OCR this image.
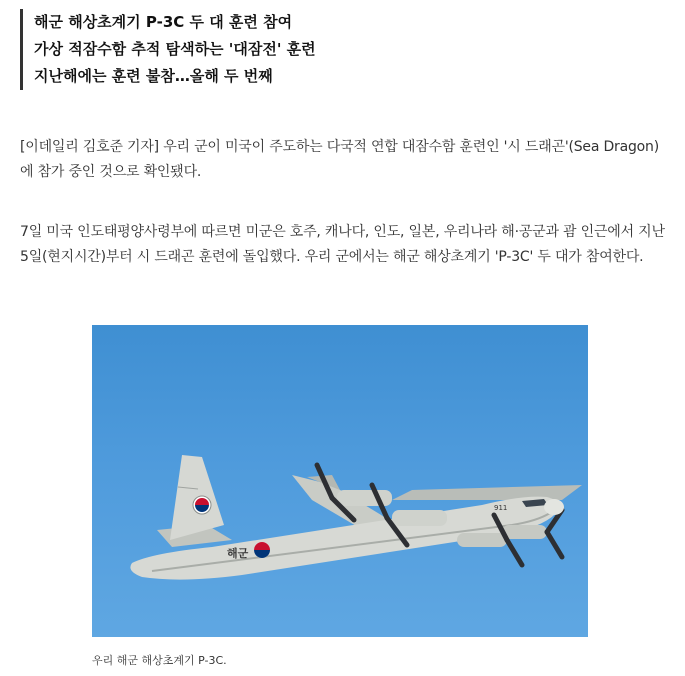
해군 해상초계기 P-3C 두 대 훈련 참여
가상 적잠수함 추적 탐색하는 '대잠전' 훈련
지난해에는 훈련 불참…올해 두 번째
[이데일리 김호준 기자] 우리 군이 미국이 주도하는 다국적 연합 대잠수함 훈련인 '시 드래곤'(Sea Dragon)에 참가 중인 것으로 확인됐다.
7일 미국 인도태평양사령부에 따르면 미군은 호주, 캐나다, 인도, 일본, 우리나라 해·공군과 괌 인근에서 지난 5일(현지시간)부터 시 드래곤 훈련에 돌입했다. 우리 군에서는 해군 해상초계기 'P-3C' 두 대가 참여한다.
해군
911
우리 해군 해상초계기 P-3C.
